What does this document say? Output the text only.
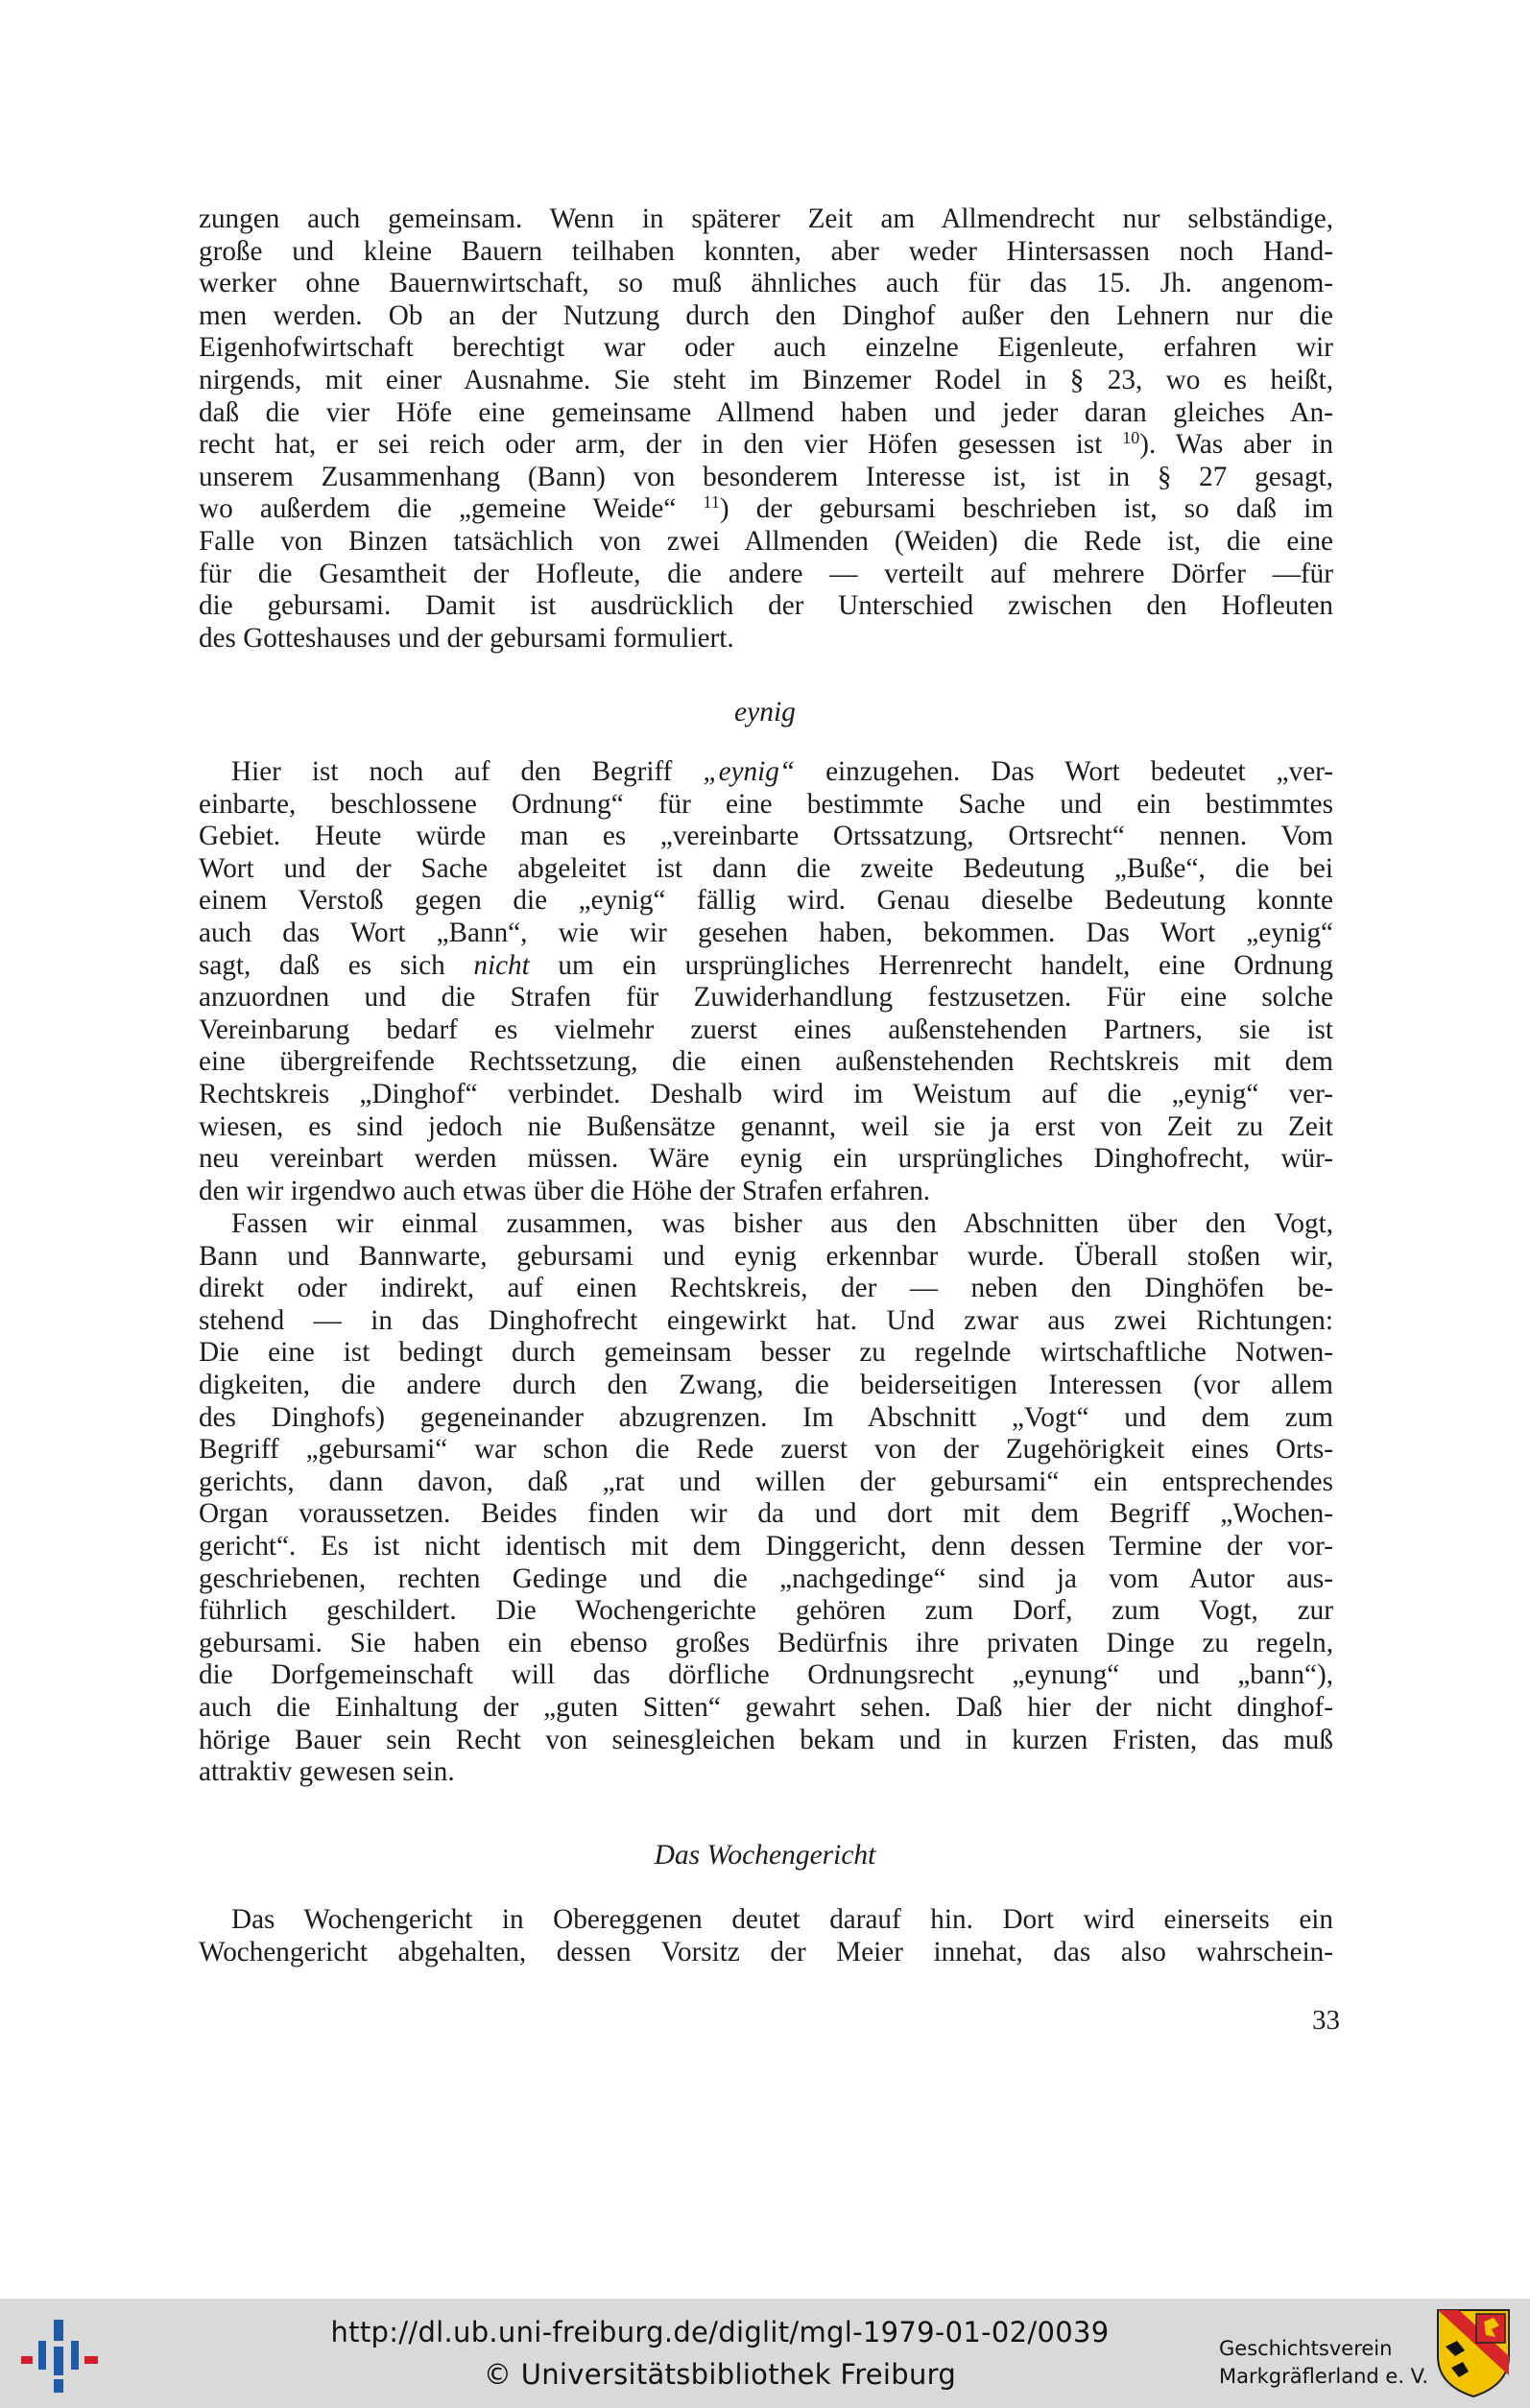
zungen auch gemeinsam. Wenn in späterer Zeit am Allmendrecht nur selbständige,
große und kleine Bauern teilhaben konnten, aber weder Hintersassen noch Hand-
werker ohne Bauernwirtschaft, so muß ähnliches auch für das 15. Jh. angenom-
men werden. Ob an der Nutzung durch den Dinghof außer den Lehnern nur die
Eigenhofwirtschaft berechtigt war oder auch einzelne Eigenleute, erfahren wir
nirgends, mit einer Ausnahme. Sie steht im Binzemer Rodel in § 23, wo es heißt,
daß die vier Höfe eine gemeinsame Allmend haben und jeder daran gleiches An-
recht hat, er sei reich oder arm, der in den vier Höfen gesessen ist $^{10}$). Was aber in
unserem Zusammenhang (Bann) von besonderem Interesse ist, ist in § 27 gesagt,
wo außerdem die „gemeine Weide“ $^{11}$) der gebursami beschrieben ist, so daß im
Falle von Binzen tatsächlich von zwei Allmenden (Weiden) die Rede ist, die eine
für die Gesamtheit der Hofleute, die andere — verteilt auf mehrere Dörfer —für
die gebursami. Damit ist ausdrücklich der Unterschied zwischen den Hofleuten
des Gotteshauses und der gebursami formuliert.
eynig
Hier ist noch auf den Begriff „eynig“ einzugehen. Das Wort bedeutet „ver-
einbarte, beschlossene Ordnung“ für eine bestimmte Sache und ein bestimmtes
Gebiet. Heute würde man es „vereinbarte Ortssatzung, Ortsrecht“ nennen. Vom
Wort und der Sache abgeleitet ist dann die zweite Bedeutung „Buße“, die bei
einem Verstoß gegen die „eynig“ fällig wird. Genau dieselbe Bedeutung konnte
auch das Wort „Bann“, wie wir gesehen haben, bekommen. Das Wort „eynig“
sagt, daß es sich nicht um ein ursprüngliches Herrenrecht handelt, eine Ordnung
anzuordnen und die Strafen für Zuwiderhandlung festzusetzen. Für eine solche
Vereinbarung bedarf es vielmehr zuerst eines außenstehenden Partners, sie ist
eine übergreifende Rechtssetzung, die einen außenstehenden Rechtskreis mit dem
Rechtskreis „Dinghof“ verbindet. Deshalb wird im Weistum auf die „eynig“ ver-
wiesen, es sind jedoch nie Bußensätze genannt, weil sie ja erst von Zeit zu Zeit
neu vereinbart werden müssen. Wäre eynig ein ursprüngliches Dinghofrecht, wür-
den wir irgendwo auch etwas über die Höhe der Strafen erfahren.
Fassen wir einmal zusammen, was bisher aus den Abschnitten über den Vogt,
Bann und Bannwarte, gebursami und eynig erkennbar wurde. Überall stoßen wir,
direkt oder indirekt, auf einen Rechtskreis, der — neben den Dinghöfen be-
stehend — in das Dinghofrecht eingewirkt hat. Und zwar aus zwei Richtungen:
Die eine ist bedingt durch gemeinsam besser zu regelnde wirtschaftliche Notwen-
digkeiten, die andere durch den Zwang, die beiderseitigen Interessen (vor allem
des Dinghofs) gegeneinander abzugrenzen. Im Abschnitt „Vogt“ und dem zum
Begriff „gebursami“ war schon die Rede zuerst von der Zugehörigkeit eines Orts-
gerichts, dann davon, daß „rat und willen der gebursami“ ein entsprechendes
Organ voraussetzen. Beides finden wir da und dort mit dem Begriff „Wochen-
gericht“. Es ist nicht identisch mit dem Dinggericht, denn dessen Termine der vor-
geschriebenen, rechten Gedinge und die „nachgedinge“ sind ja vom Autor aus-
führlich geschildert. Die Wochengerichte gehören zum Dorf, zum Vogt, zur
gebursami. Sie haben ein ebenso großes Bedürfnis ihre privaten Dinge zu regeln,
die Dorfgemeinschaft will das dörfliche Ordnungsrecht „eynung“ und „bann“),
auch die Einhaltung der „guten Sitten“ gewahrt sehen. Daß hier der nicht dinghof-
hörige Bauer sein Recht von seinesgleichen bekam und in kurzen Fristen, das muß
attraktiv gewesen sein.
Das Wochengericht
Das Wochengericht in Obereggenen deutet darauf hin. Dort wird einerseits ein
Wochengericht abgehalten, dessen Vorsitz der Meier innehat, das also wahrschein-
33
http://dl.ub.uni-freiburg.de/diglit/mgl-1979-01-02/0039
© Universitätsbibliothek Freiburg
Geschichtsverein
Markgräflerland e. V.
